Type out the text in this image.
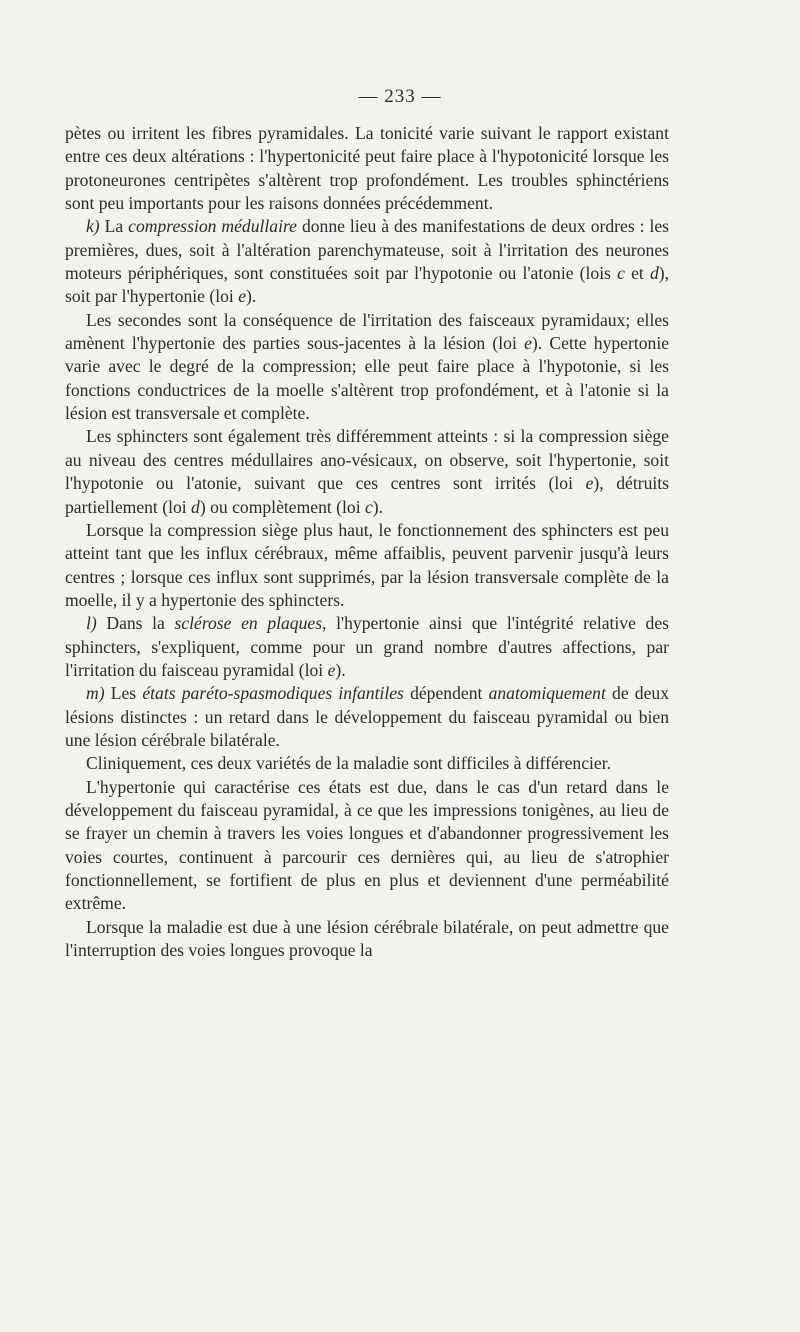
— 233 —

pètes ou irritent les fibres pyramidales. La tonicité varie suivant le rapport existant entre ces deux altérations : l'hypertonicité peut faire place à l'hypotonicité lorsque les protoneurones centripètes s'altèrent trop profondément. Les troubles sphinctériens sont peu importants pour les raisons données précédemment.

k) La compression médullaire donne lieu à des manifestations de deux ordres : les premières, dues, soit à l'altération parenchymateuse, soit à l'irritation des neurones moteurs périphériques, sont constituées soit par l'hypotonie ou l'atonie (lois c et d), soit par l'hypertonie (loi e).

Les secondes sont la conséquence de l'irritation des faisceaux pyramidaux; elles amènent l'hypertonie des parties sous-jacentes à la lésion (loi e). Cette hypertonie varie avec le degré de la compression; elle peut faire place à l'hypotonie, si les fonctions conductrices de la moelle s'altèrent trop profondément, et à l'atonie si la lésion est transversale et complète.

Les sphincters sont également très différemment atteints : si la compression siège au niveau des centres médullaires ano-vésicaux, on observe, soit l'hypertonie, soit l'hypotonie ou l'atonie, suivant que ces centres sont irrités (loi e), détruits partiellement (loi d) ou complètement (loi c).

Lorsque la compression siège plus haut, le fonctionnement des sphincters est peu atteint tant que les influx cérébraux, même affaiblis, peuvent parvenir jusqu'à leurs centres ; lorsque ces influx sont supprimés, par la lésion transversale complète de la moelle, il y a hypertonie des sphincters.

l) Dans la sclérose en plaques, l'hypertonie ainsi que l'intégrité relative des sphincters, s'expliquent, comme pour un grand nombre d'autres affections, par l'irritation du faisceau pyramidal (loi e).

m) Les états paréto-spasmodiques infantiles dépendent anatomiquement de deux lésions distinctes : un retard dans le développement du faisceau pyramidal ou bien une lésion cérébrale bilatérale.

Cliniquement, ces deux variétés de la maladie sont difficiles à différencier.

L'hypertonie qui caractérise ces états est due, dans le cas d'un retard dans le développement du faisceau pyramidal, à ce que les impressions tonigènes, au lieu de se frayer un chemin à travers les voies longues et d'abandonner progressivement les voies courtes, continuent à parcourir ces dernières qui, au lieu de s'atrophier fonctionnellement, se fortifient de plus en plus et deviennent d'une perméabilité extrême.

Lorsque la maladie est due à une lésion cérébrale bilatérale, on peut admettre que l'interruption des voies longues provoque la
